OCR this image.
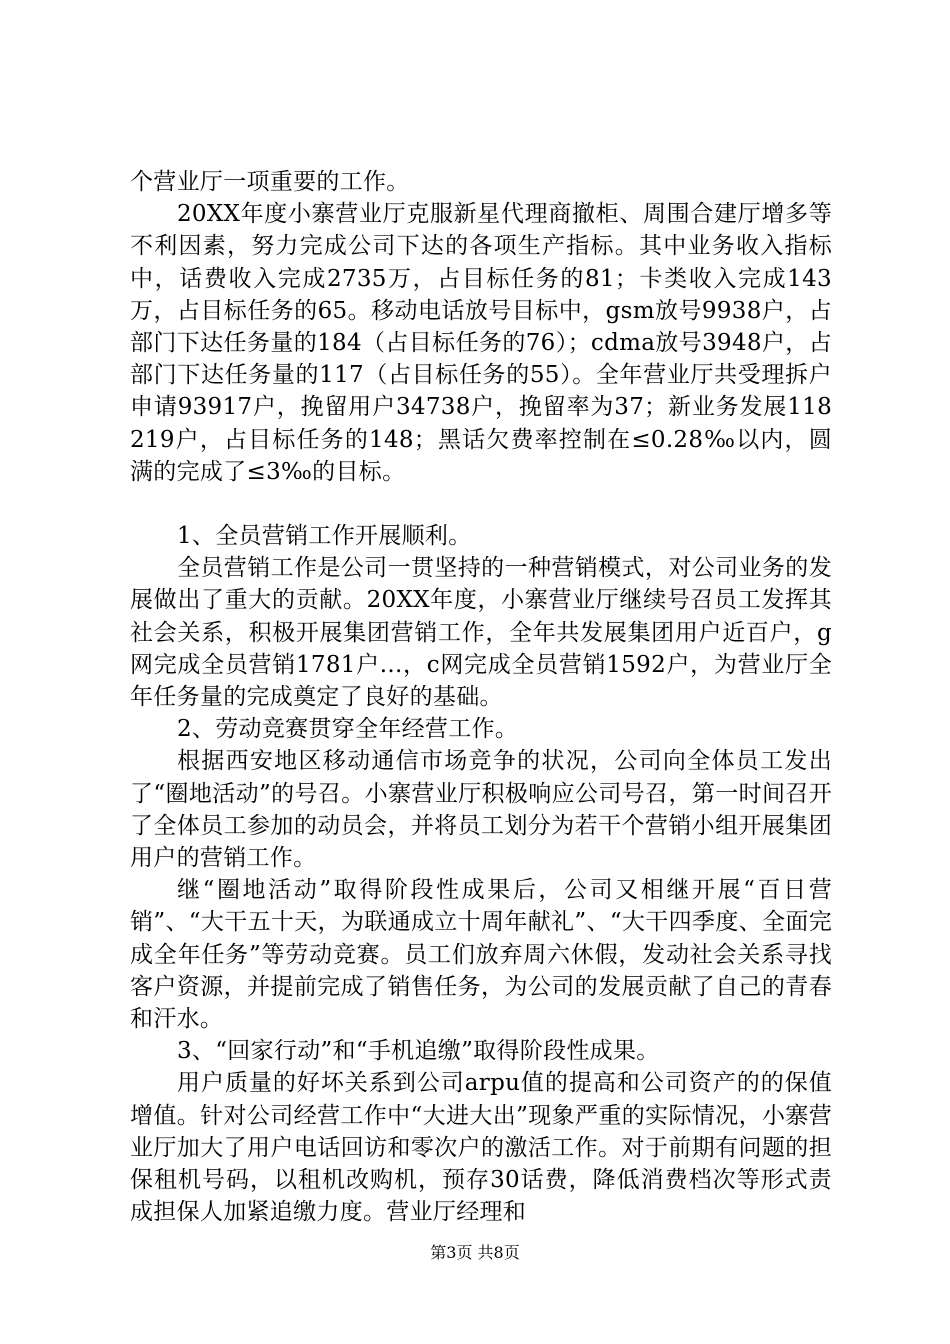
个营业厅一项重要的工作。

20XX年度小寨营业厅克服新星代理商撤柜、周围合建厅增多等不利因素，努力完成公司下达的各项生产指标。其中业务收入指标中，话费收入完成2735万，占目标任务的81；卡类收入完成143万，占目标任务的65。移动电话放号目标中，gsm放号9938户，占部门下达任务量的184（占目标任务的76）；cdma放号3948户，占部门下达任务量的117（占目标任务的55）。全年营业厅共受理拆户申请93917户，挽留用户34738户，挽留率为37；新业务发展118219户，占目标任务的148；黑话欠费率控制在≤0.28‰以内，圆满的完成了≤3‰的目标。

1、全员营销工作开展顺利。

全员营销工作是公司一贯坚持的一种营销模式，对公司业务的发展做出了重大的贡献。20XX年度，小寨营业厅继续号召员工发挥其社会关系，积极开展集团营销工作，全年共发展集团用户近百户，g网完成全员营销1781户...，c网完成全员营销1592户，为营业厅全年任务量的完成奠定了良好的基础。

2、劳动竞赛贯穿全年经营工作。

根据西安地区移动通信市场竞争的状况，公司向全体员工发出了“圈地活动”的号召。小寨营业厅积极响应公司号召，第一时间召开了全体员工参加的动员会，并将员工划分为若干个营销小组开展集团用户的营销工作。

继“圈地活动”取得阶段性成果后，公司又相继开展“百日营销”、“大干五十天，为联通成立十周年献礼”、“大干四季度、全面完成全年任务”等劳动竞赛。员工们放弃周六休假，发动社会关系寻找客户资源，并提前完成了销售任务，为公司的发展贡献了自己的青春和汗水。

3、“回家行动”和“手机追缴”取得阶段性成果。

用户质量的好坏关系到公司arpu值的提高和公司资产的的保值增值。针对公司经营工作中“大进大出”现象严重的实际情况，小寨营业厅加大了用户电话回访和零次户的激活工作。对于前期有问题的担保租机号码，以租机改购机，预存30话费，降低消费档次等形式责成担保人加紧追缴力度。营业厅经理和

第3页 共8页
